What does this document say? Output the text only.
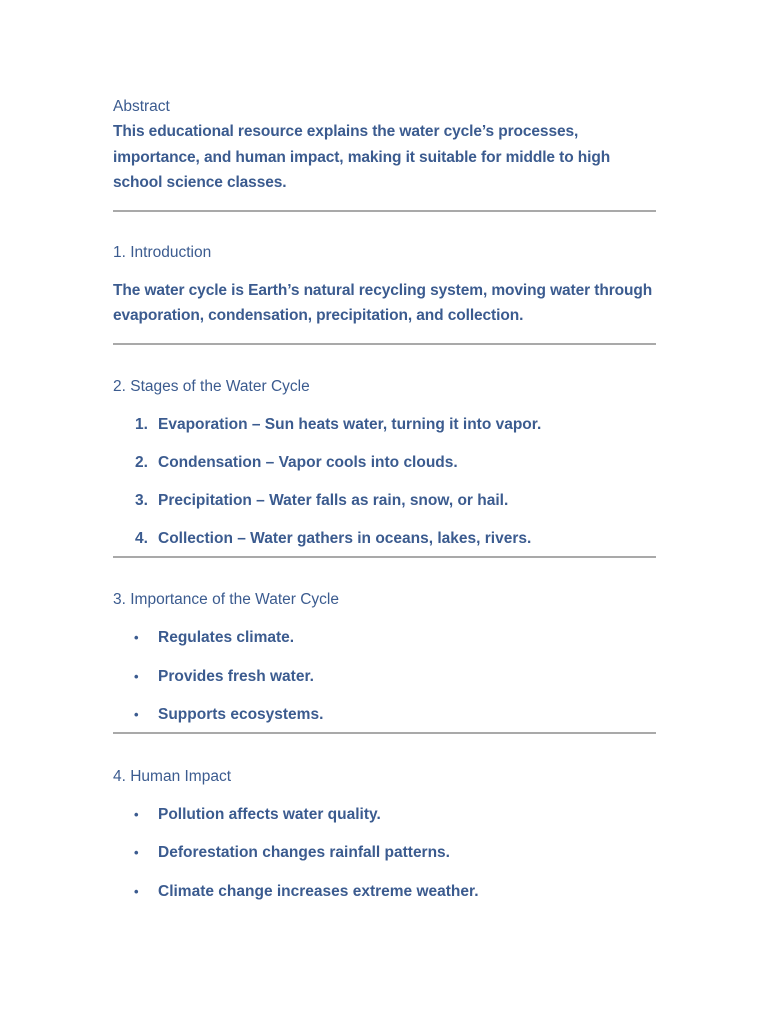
Abstract
This educational resource explains the water cycle’s processes, importance, and human impact, making it suitable for middle to high school science classes.
1. Introduction
The water cycle is Earth’s natural recycling system, moving water through evaporation, condensation, precipitation, and collection.
2. Stages of the Water Cycle
1. Evaporation – Sun heats water, turning it into vapor.
2. Condensation – Vapor cools into clouds.
3. Precipitation – Water falls as rain, snow, or hail.
4. Collection – Water gathers in oceans, lakes, rivers.
3. Importance of the Water Cycle
• Regulates climate.
• Provides fresh water.
• Supports ecosystems.
4. Human Impact
• Pollution affects water quality.
• Deforestation changes rainfall patterns.
• Climate change increases extreme weather.
